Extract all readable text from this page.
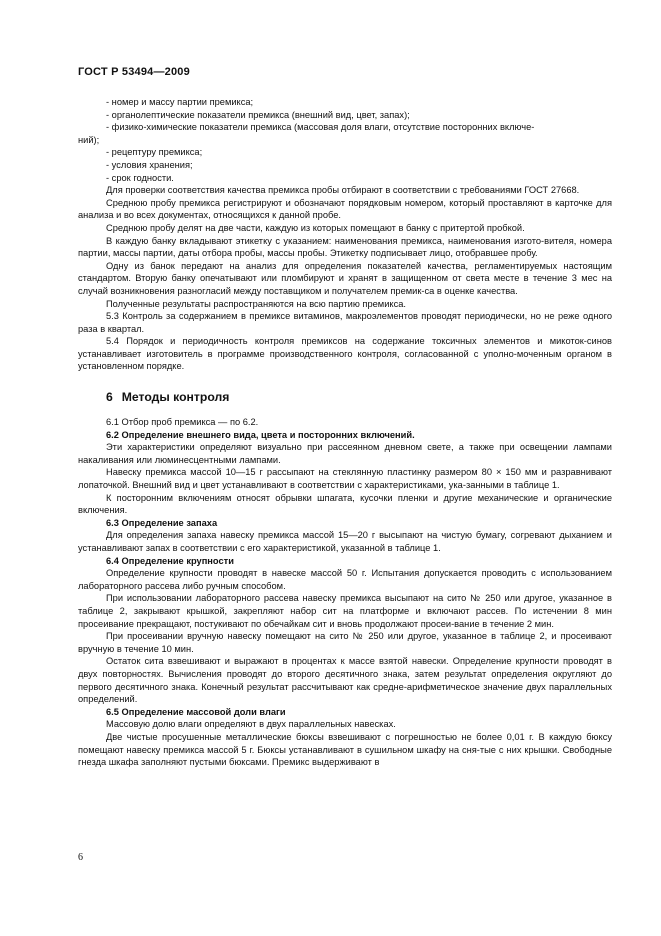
ГОСТ Р 53494—2009

- номер и массу партии премикса;

- органолептические показатели премикса (внешний вид, цвет, запах);

- физико-химические показатели премикса (массовая доля влаги, отсутствие посторонних включе-

ний);

- рецептуру премикса;

- условия хранения;

- срок годности.

Для проверки соответствия качества премикса пробы отбирают в соответствии с требованиями ГОСТ 27668.

Среднюю пробу премикса регистрируют и обозначают порядковым номером, который проставляют в карточке для анализа и во всех документах, относящихся к данной пробе.

Среднюю пробу делят на две части, каждую из которых помещают в банку с притертой пробкой.

В каждую банку вкладывают этикетку с указанием: наименования премикса, наименования изгото-вителя, номера партии, массы партии, даты отбора пробы, массы пробы. Этикетку подписывает лицо, отобравшее пробу.

Одну из банок передают на анализ для определения показателей качества, регламентируемых настоящим стандартом. Вторую банку опечатывают или пломбируют и хранят в защищенном от света месте в течение 3 мес на случай возникновения разногласий между поставщиком и получателем премик-са в оценке качества.

Полученные результаты распространяются на всю партию премикса.

5.3 Контроль за содержанием в премиксе витаминов, макроэлементов проводят периодически, но не реже одного раза в квартал.

5.4 Порядок и периодичность контроля премиксов на содержание токсичных элементов и микоток-синов устанавливает изготовитель в программе производственного контроля, согласованной с уполно-моченным органом в установленном порядке.

6 Методы контроля

6.1 Отбор проб премикса — по 6.2.

6.2 Определение внешнего вида, цвета и посторонних включений.

Эти характеристики определяют визуально при рассеянном дневном свете, а также при освещении лампами накаливания или люминесцентными лампами.

Навеску премикса массой 10—15 г рассыпают на стеклянную пластинку размером 80 × 150 мм и разравнивают лопаточкой. Внешний вид и цвет устанавливают в соответствии с характеристиками, ука-занными в таблице 1.

К посторонним включениям относят обрывки шпагата, кусочки пленки и другие механические и органические включения.

6.3 Определение запаха

Для определения запаха навеску премикса массой 15—20 г высыпают на чистую бумагу, согревают дыханием и устанавливают запах в соответствии с его характеристикой, указанной в таблице 1.

6.4 Определение крупности

Определение крупности проводят в навеске массой 50 г. Испытания допускается проводить с использованием лабораторного рассева либо ручным способом.

При использовании лабораторного рассева навеску премикса высыпают на сито № 250 или другое, указанное в таблице 2, закрывают крышкой, закрепляют набор сит на платформе и включают рассев. По истечении 8 мин просеивание прекращают, постукивают по обечайкам сит и вновь продолжают просеи-вание в течение 2 мин.

При просеивании вручную навеску помещают на сито № 250 или другое, указанное в таблице 2, и просеивают вручную в течение 10 мин.

Остаток сита взвешивают и выражают в процентах к массе взятой навески. Определение крупности проводят в двух повторностях. Вычисления проводят до второго десятичного знака, затем результат определения округляют до первого десятичного знака. Конечный результат рассчитывают как средне-арифметическое значение двух параллельных определений.

6.5 Определение массовой доли влаги

Массовую долю влаги определяют в двух параллельных навесках.

Две чистые просушенные металлические бюксы взвешивают с погрешностью не более 0,01 г. В каждую бюксу помещают навеску премикса массой 5 г. Бюксы устанавливают в сушильном шкафу на сня-тые с них крышки. Свободные гнезда шкафа заполняют пустыми бюксами. Премикс выдерживают в

6
